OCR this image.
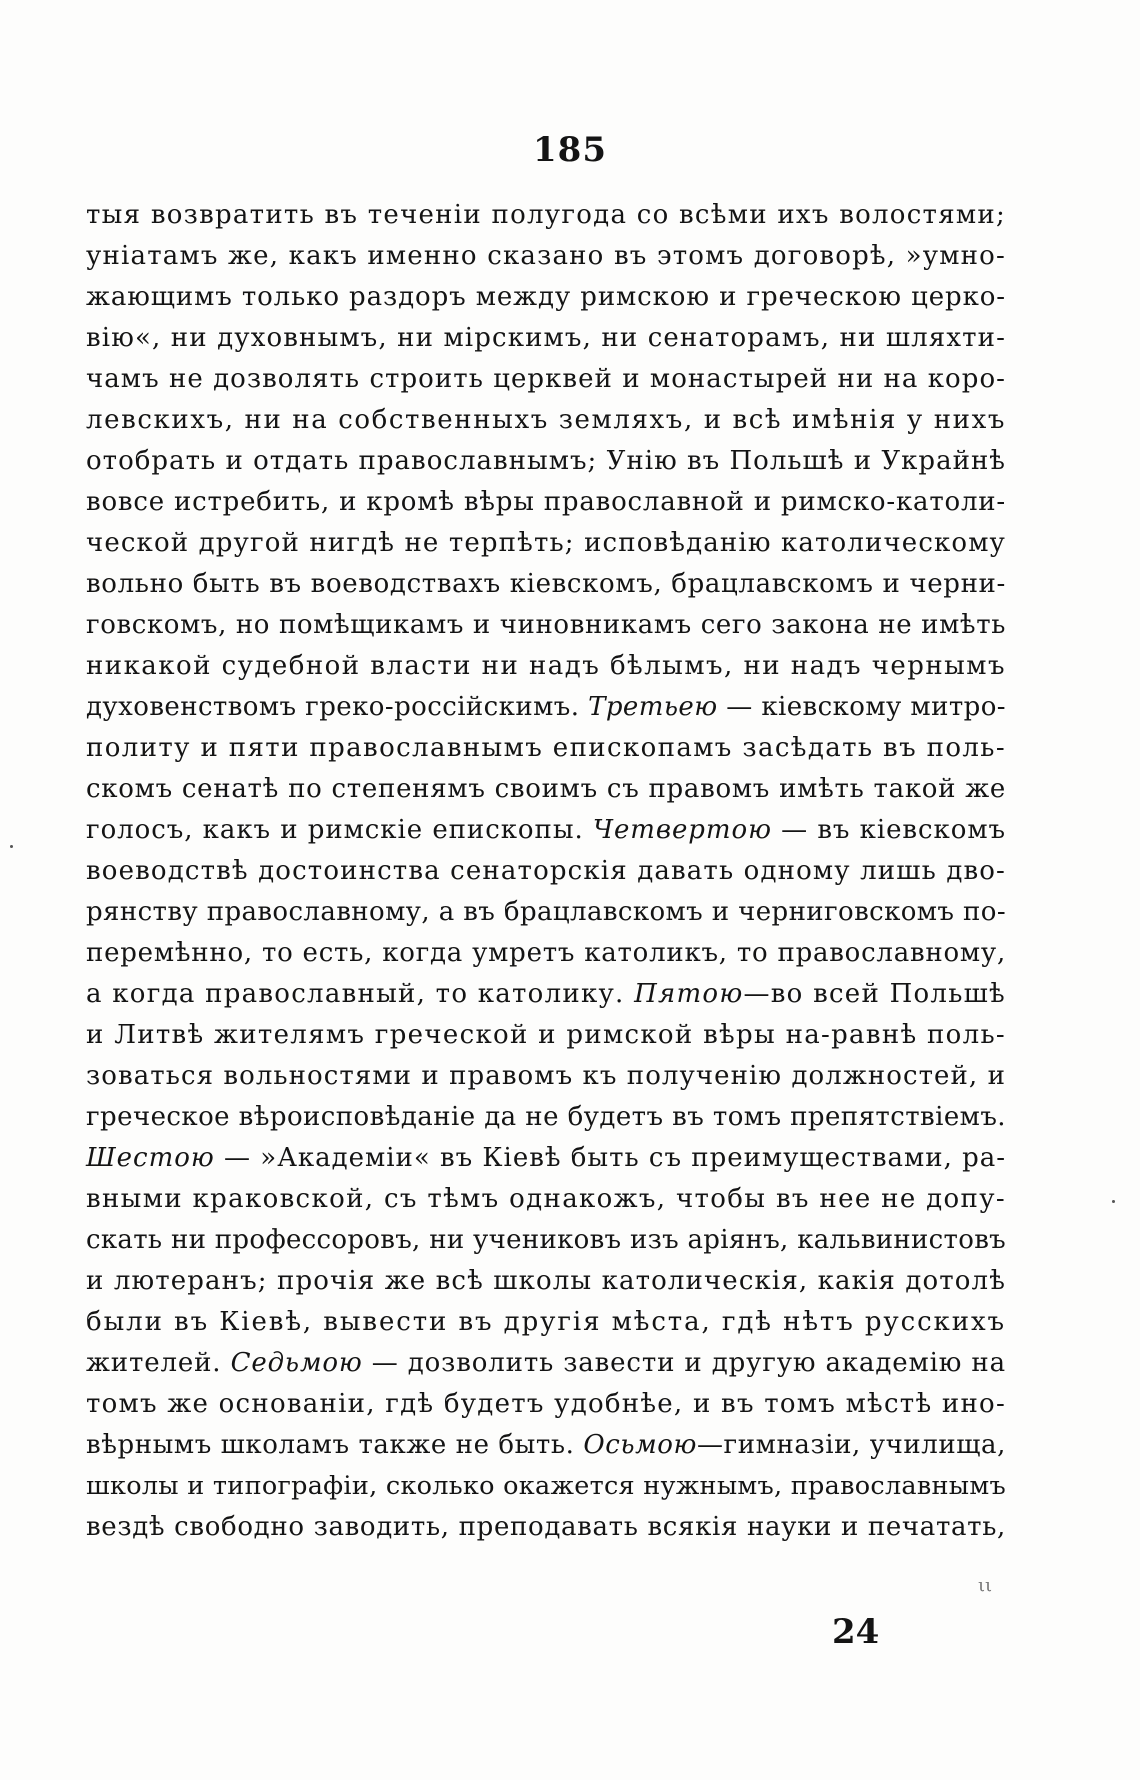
185
тыя возвратить въ теченіи полугода со всѣми ихъ волостями;
уніатамъ же, какъ именно сказано въ этомъ договорѣ, »умно-
жающимъ только раздоръ между римскою и греческою церко-
вію«, ни духовнымъ, ни мірскимъ, ни сенаторамъ, ни шляхти-
чамъ не дозволять строить церквей и монастырей ни на коро-
левскихъ, ни на собственныхъ земляхъ, и всѣ имѣнія у нихъ
отобрать и отдать православнымъ; Унію въ Польшѣ и Украйнѣ
вовсе истребить, и кромѣ вѣры православной и римско-католи-
ческой другой нигдѣ не терпѣть; исповѣданію католическому
вольно быть въ воеводствахъ кіевскомъ, брацлавскомъ и черни-
говскомъ, но помѣщикамъ и чиновникамъ сего закона не имѣть
никакой судебной власти ни надъ бѣлымъ, ни надъ чернымъ
духовенствомъ греко-россійскимъ. Третьею — кіевскому митро-
политу и пяти православнымъ епископамъ засѣдать въ поль-
скомъ сенатѣ по степенямъ своимъ съ правомъ имѣть такой же
голосъ, какъ и римскіе епископы. Четвертою — въ кіевскомъ
воеводствѣ достоинства сенаторскія давать одному лишь дво-
рянству православному, а въ брацлавскомъ и черниговскомъ по-
перемѣнно, то есть, когда умретъ католикъ, то православному,
а когда православный, то католику. Пятою—во всей Польшѣ
и Литвѣ жителямъ греческой и римской вѣры на-равнѣ поль-
зоваться вольностями и правомъ къ полученію должностей, и
греческое вѣроисповѣданіе да не будетъ въ томъ препятствіемъ.
Шестою — »Академіи« въ Кіевѣ быть съ преимуществами, ра-
вными краковской, съ тѣмъ однакожъ, чтобы въ нее не допу-
скать ни профессоровъ, ни учениковъ изъ аріянъ, кальвинистовъ
и лютеранъ; прочія же всѣ школы католическія, какія дотолѣ
были въ Кіевѣ, вывести въ другія мѣста, гдѣ нѣтъ русскихъ
жителей. Седьмою — дозволить завести и другую академію на
томъ же основаніи, гдѣ будетъ удобнѣе, и въ томъ мѣстѣ ино-
вѣрнымъ школамъ также не быть. Осьмою—гимназіи, училища,
школы и типографіи, сколько окажется нужнымъ, православнымъ
вездѣ свободно заводить, преподавать всякія науки и печатать,
ιι
24
